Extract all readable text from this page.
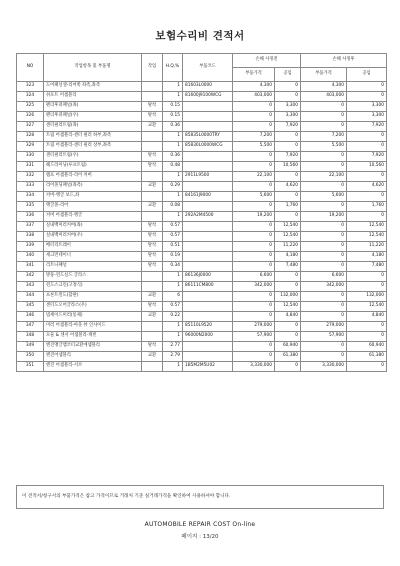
보험수리비 견적서
NO	작업항목 및 부품명	작업	H.Q,%	부품코드	손해 사정전		손해 사정후	
					부품가격	공임	부품가격	공임
323	도어패널셀-리어쪽 좌측,좌측		1	81603L0000	4,300	0	4,300	0
324	쉬포트 어셈블리		1	81600J9100WCG	403,000	0	403,000	0
325	펜더후퍼패널(좌)	탈착	0.15		0	3,300	0	3,300
326	펜더후퍼패널(우)	탈착	0.15		0	3,300	0	3,300
327	센터필러트림(좌)	교환	0.36		0	7,920	0	7,920
328	트림 어셈블리-센터 필러 하부,좌측		1	85835L0000TRY	7,200	0	7,200	0
329	트림 어셈블리-센터 필러 상부,좌측		1	85830L0000WCG	5,500	0	5,500	0
330	센터필러트림(우)	탈착	0.36		0	7,920	0	7,920
331	헤드라이닝(루프트림)	탈착	0.48		0	10,560	0	10,560
332	램프 어셈블리-리어 커버		1	2911L9500	22,100	0	22,100	0
333	리어몰딩패널(좌측)	교환	0.29		0	4,620	0	4,620
334	커버-앵글 보드,좌		1	84161J9000	5,600	0	5,600	0
335	앵글몰-리어	교환	0.08		0	1,760	0	1,760
336	커버 어셈블리-앵글		1	292A2M4500	19,200	0	19,200	0
337	실내백미러커버(좌)	탈착	0.57		0	12,540	0	12,540
338	실내백미러커버(우)	탈착	0.57		0	12,540	0	12,540
339	배터리트레이	탈착	0.51		0	11,220	0	11,220
340	세크먼테이너	탈착	0.19		0	4,180	0	4,180
341	리트나패널	탈착	0.34		0	7,480	0	7,480
342	방풍-윈도실드 글라스		1	86136J0000	6,600	0	6,600	0
343	윈도스크린(고정식)		1	86111CM800	342,000	0	342,000	0
344	프론트윈도(합판)	교환	6		0	132,000	0	132,000
345	센터도오어글라스(우)	탈착	0.57		0	12,540	0	12,540
346	빔세이드미러(통체)	교환	0.22		0	4,840	0	4,840
347	미러 어셈블리-아웃 뷰 인사이드		1	85110L9520	279,000	0	279,000	0
348	모듈 & 센서 어셈블리-캐빈		1	96000N2000	57,900	0	57,900	0
349	엔진앵글앰코터교환에셈블리	탈착	2.77		0	60,940	0	60,940
350	엔진어셈블리	교환	2.79		0	61,380	0	61,380
351	엔진 어셈블리-서브		1	1B5M2M5U02	3,330,000	0	3,330,000	0
이 견적서/청구서의 부품가격은 참고 가격이므로 거래처 기준 실거래가격을 확인하여 사용하셔야 합니다.
AUTOMOBILE REPAIR COST On-line
페이지 : 13/20
